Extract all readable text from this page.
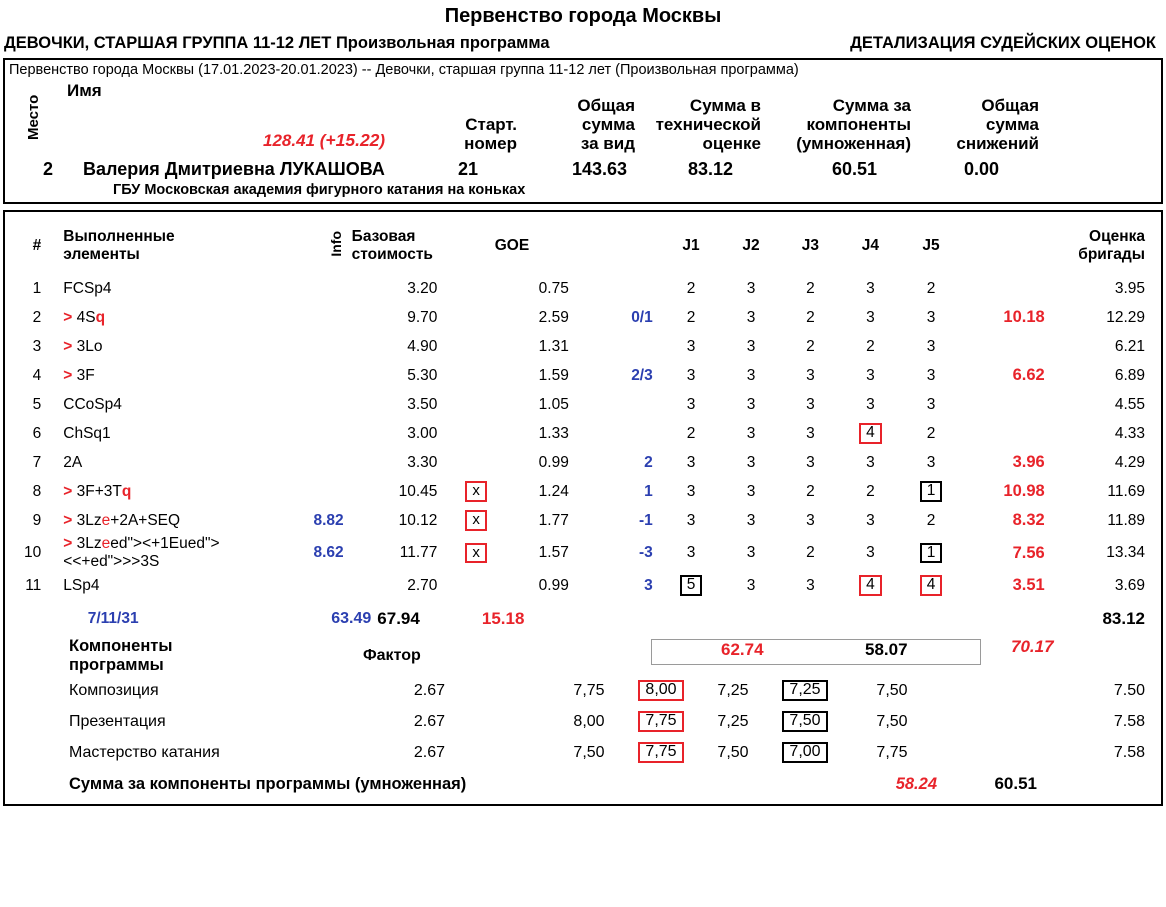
Первенство города Москвы
ДЕВОЧКИ, СТАРШАЯ ГРУППА 11-12 ЛЕТ Произвольная программа	ДЕТАЛИЗАЦИЯ СУДЕЙСКИХ ОЦЕНОК
Первенство города Москвы (17.01.2023-20.01.2023) -- Девочки, старшая группа 11-12 лет (Произвольная программа)
128.41 (+15.22)
Место
Имя
Старт.
номер
Общая
сумма
за вид
Сумма в
технической
оценке
Сумма за
компоненты
(умноженная)
Общая
сумма
снижений
2	Валерия Дмитриевна ЛУКАШОВА	21	143.63	83.12	60.51	0.00
ГБУ Московская академия фигурного катания на коньках
#	
Выполненные
элементы	Info	Базовая
стоимость
	GOE		J1	J2	J3	J4	J5		
Оценка
бригады

1	FCSp4		3.20		0.75		2	3	2	3	2		3.95
2	> 4Sq		9.70		2.59	0/1	2	3	2	3	3	10.18	12.29
3	> 3Lo		4.90		1.31		3	3	2	2	3		6.21
4	> 3F		5.30		1.59	2/3	3	3	3	3	3	6.62	6.89
5	CCoSp4		3.50		1.05		3	3	3	3	3		4.55
6	ChSq1		3.00		1.33		2	3	3	4	2		4.33
7	2A		3.30		0.99	2	3	3	3	3	3	3.96	4.29
8	> 3F+3Tq		10.45	x	1.24	1	3	3	2	2	1	10.98	11.69
9	> 3Lze+2A+SEQ	8.82	10.12	x	1.77	-1	3	3	3	3	2	8.32	11.89
10	> 3Lzeed"><+1Eued"><<+ed">>>3S	8.62	11.77	x	1.57	-3	3	3	2	3	1	7.56	13.34
11	LSp4		2.70		0.99	3	5	3	3	4	4	3.51	3.69
	7/11/31	63.49	67.94	15.18								83.12
62.74	58.07	70.17
	Компоненты программы		Фактор								
	Композиция		2.67		7,75	8,00	7,25	7,25	7,50		7.50
	Презентация		2.67		8,00	7,75	7,25	7,50	7,50		7.58
	Мастерство катания		2.67		7,50	7,75	7,50	7,00	7,75		7.58
	Сумма за компоненты программы (умноженная)								58.24	60.51	
